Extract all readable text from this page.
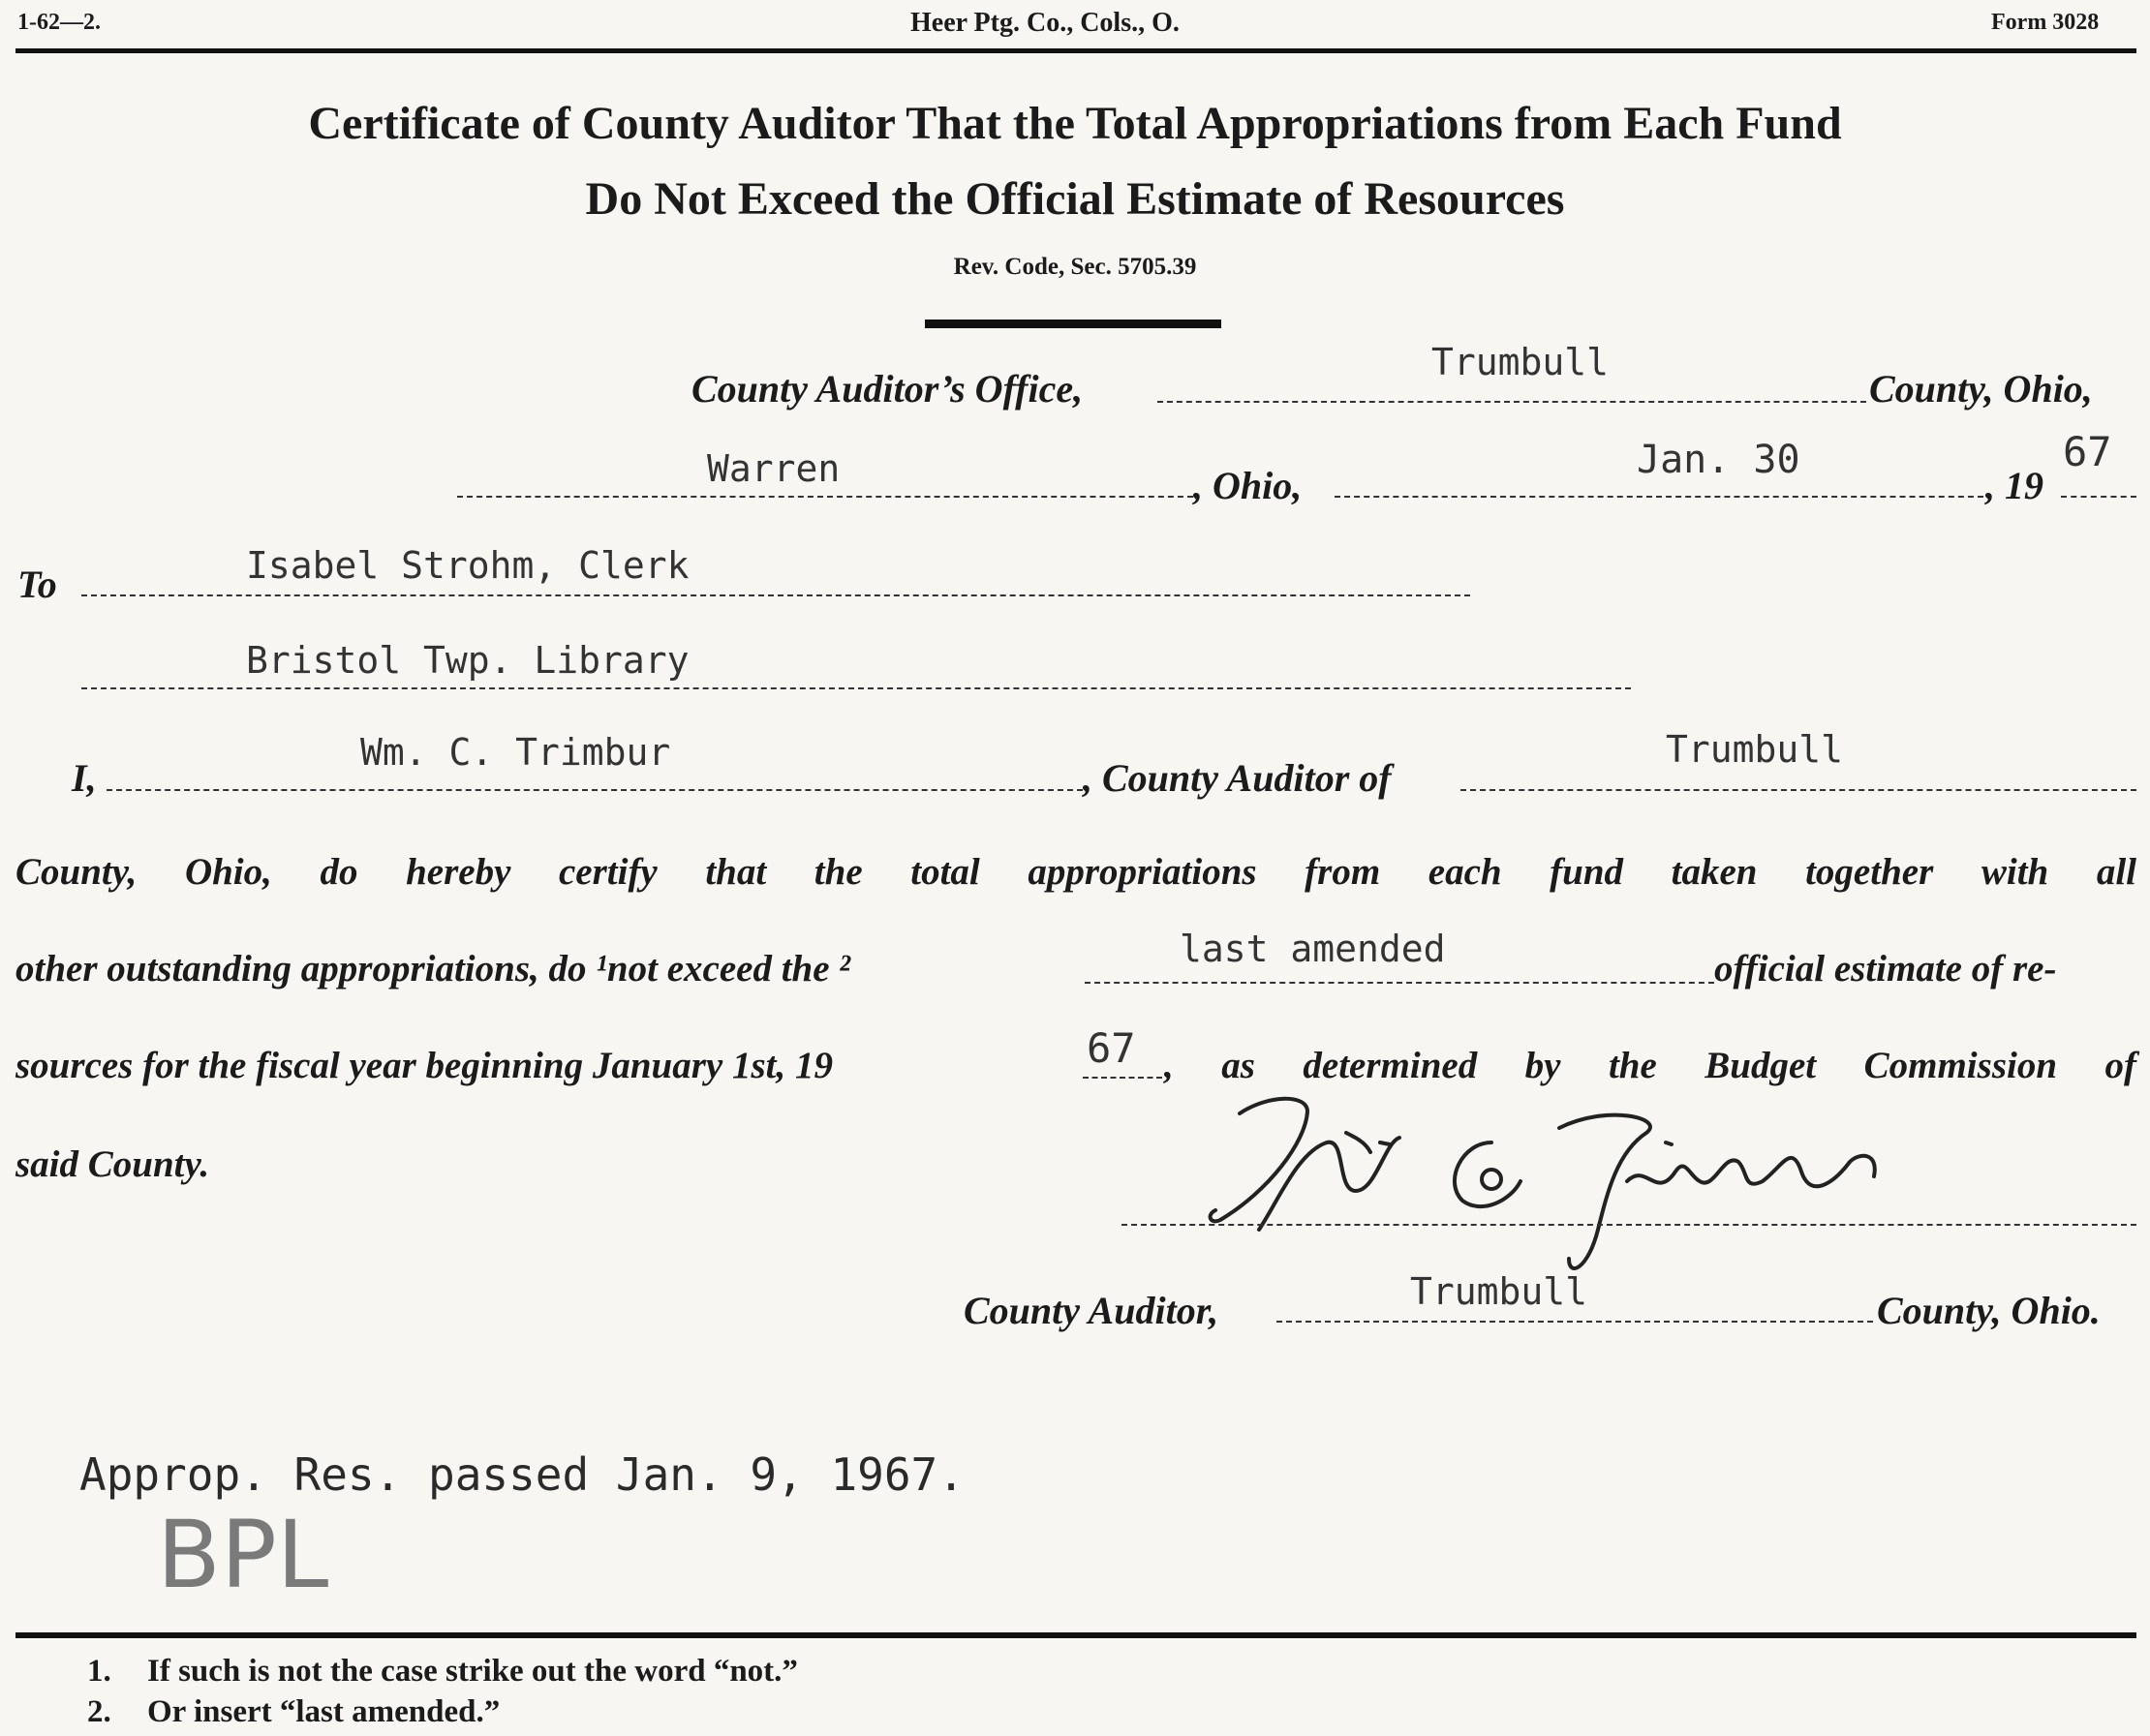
1-62—2.	Heer Ptg. Co., Cols., O.	Form 3028
Certificate of County Auditor That the Total Appropriations from Each Fund
Do Not Exceed the Official Estimate of Resources
Rev. Code, Sec. 5705.39
County Auditor’s Office,
Trumbull
County, Ohio,
Warren	, Ohio,
Jan. 30
, 19
67
To	Isabel Strohm, Clerk
Bristol Twp. Library
I,
Wm. C. Trimbur
, County Auditor of
Trumbull
County, Ohio, do hereby certify that the total appropriations from each fund taken together with all
other outstanding appropriations, do ¹not exceed the ²	last amended	official estimate of re-
sources for the fiscal year beginning January 1st, 19	67 , as determined by the Budget Commission of
said County.
County Auditor,	Trumbull	County, Ohio.
Approp. Res. passed Jan. 9, 1967.
BPL
1. If such is not the case strike out the word “not.”
2. Or insert “last amended.”
